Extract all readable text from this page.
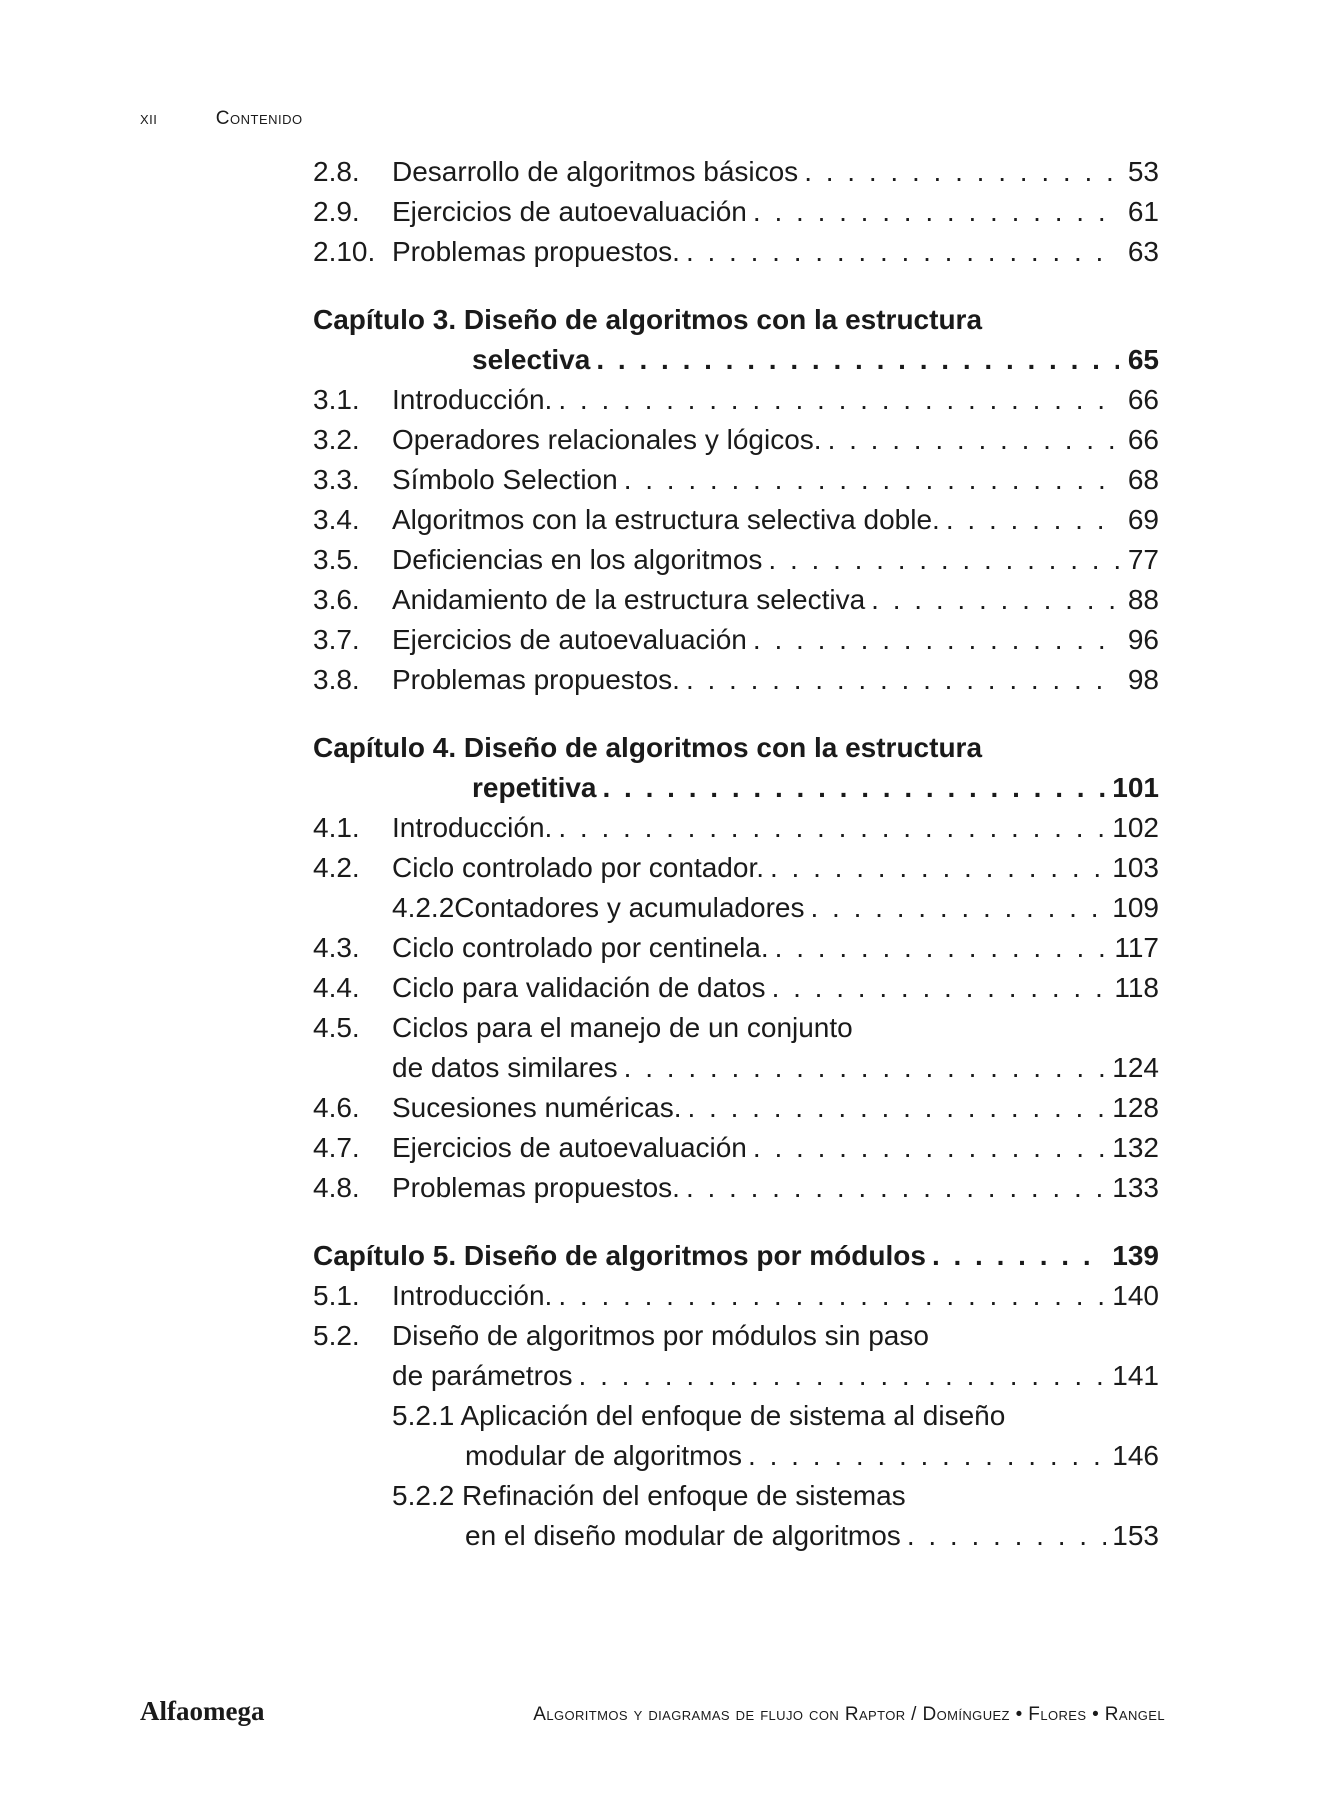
xii	Contenido
2.8.	Desarrollo de algoritmos básicos . . .	53
2.9.	Ejercicios de autoevaluación . . .	61
2.10. Problemas propuestos. . . .	63
Capítulo 3. Diseño de algoritmos con la estructura
selectiva . . .	65
3.1.	Introducción. . . .	66
3.2.	Operadores relacionales y lógicos. . . .	66
3.3.	Símbolo Selection . . .	68
3.4.	Algoritmos con la estructura selectiva doble. . . .	69
3.5.	Deficiencias en los algoritmos . . .	77
3.6.	Anidamiento de la estructura selectiva . . .	88
3.7.	Ejercicios de autoevaluación . . .	96
3.8.	Problemas propuestos. . . .	98
Capítulo 4. Diseño de algoritmos con la estructura
repetitiva . . .	101
4.1.	Introducción. . . .	102
4.2.	Ciclo controlado por contador. . . .	103
4.2.2Contadores y acumuladores . . .	109
4.3.	Ciclo controlado por centinela. . . .	117
4.4.	Ciclo para validación de datos . . .	118
4.5.	Ciclos para el manejo de un conjunto
de datos similares . . .	124
4.6.	Sucesiones numéricas. . . .	128
4.7.	Ejercicios de autoevaluación . . .	132
4.8.	Problemas propuestos. . . .	133
Capítulo 5. Diseño de algoritmos por módulos . . .	139
5.1.	Introducción. . . .	140
5.2.	Diseño de algoritmos por módulos sin paso
de parámetros . . .	141
5.2.1 Aplicación del enfoque de sistema al diseño
modular de algoritmos . . .	146
5.2.2 Refinación del enfoque de sistemas
en el diseño modular de algoritmos . . .	153
Alfaomega	Algoritmos y diagramas de flujo con Raptor / Domínguez • Flores • Rangel
